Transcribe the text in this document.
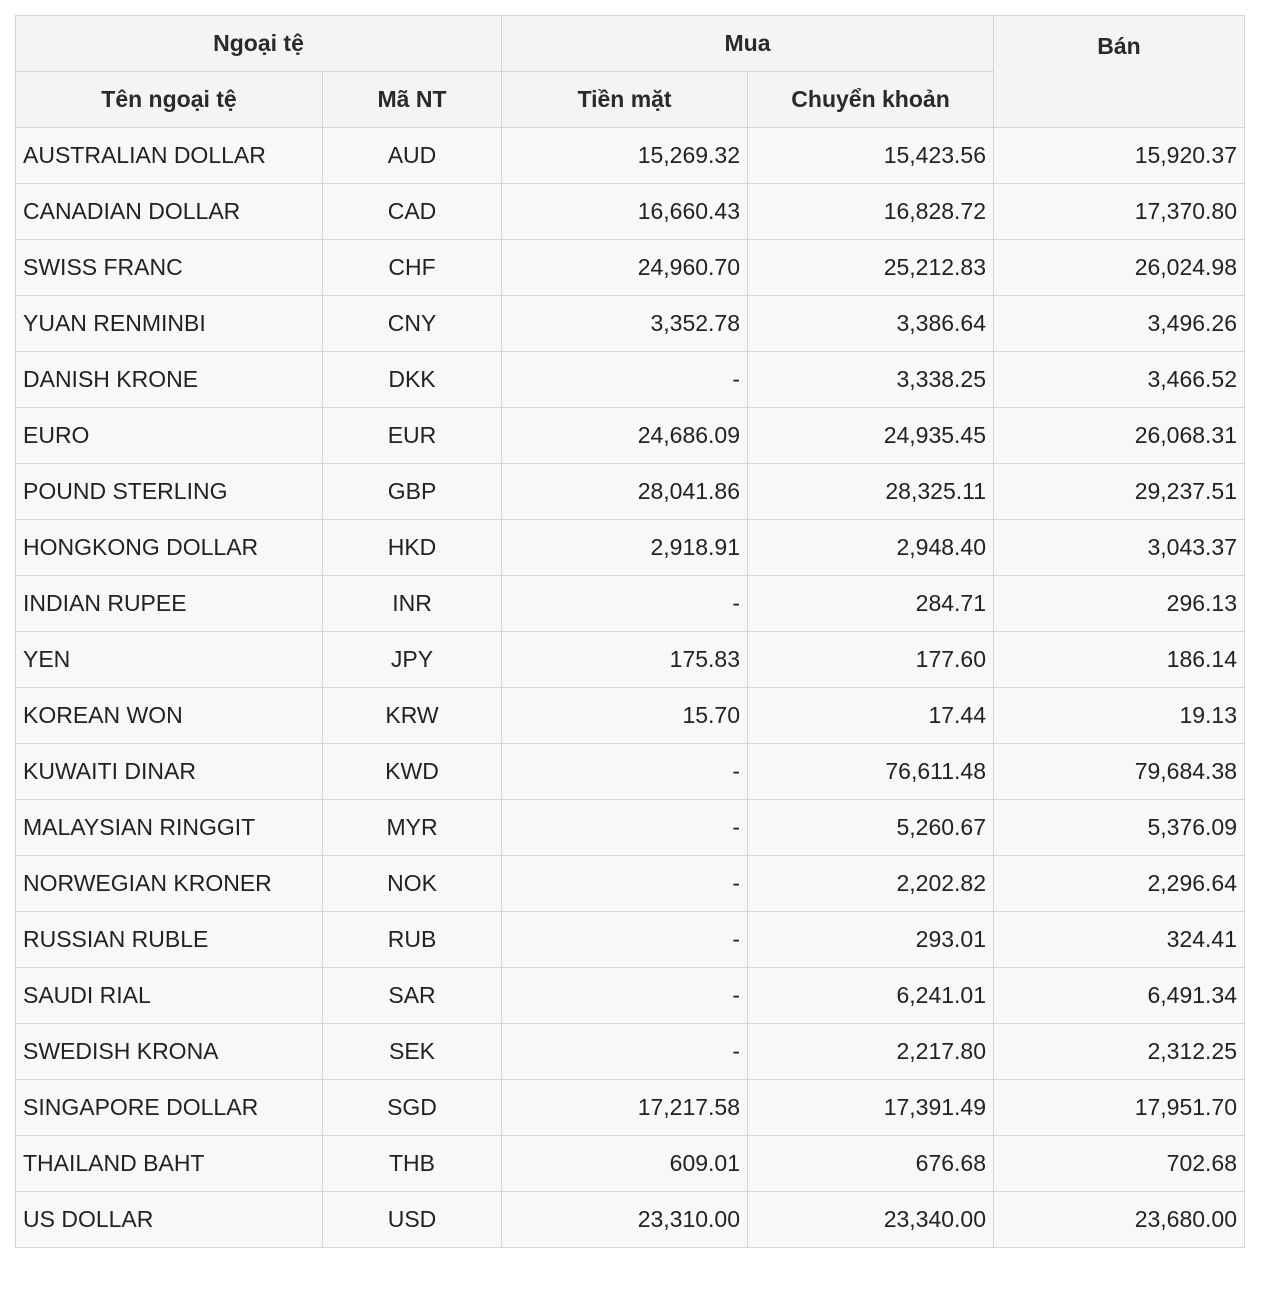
Ngoại tệ		Mua		Bán
Tên ngoại tệ	Mã NT	Tiền mặt	Chuyển khoản	
AUSTRALIAN DOLLAR	AUD	15,269.32	15,423.56	15,920.37
CANADIAN DOLLAR	CAD	16,660.43	16,828.72	17,370.80
SWISS FRANC	CHF	24,960.70	25,212.83	26,024.98
YUAN RENMINBI	CNY	3,352.78	3,386.64	3,496.26
DANISH KRONE	DKK	-	3,338.25	3,466.52
EURO	EUR	24,686.09	24,935.45	26,068.31
POUND STERLING	GBP	28,041.86	28,325.11	29,237.51
HONGKONG DOLLAR	HKD	2,918.91	2,948.40	3,043.37
INDIAN RUPEE	INR	-	284.71	296.13
YEN	JPY	175.83	177.60	186.14
KOREAN WON	KRW	15.70	17.44	19.13
KUWAITI DINAR	KWD	-	76,611.48	79,684.38
MALAYSIAN RINGGIT	MYR	-	5,260.67	5,376.09
NORWEGIAN KRONER	NOK	-	2,202.82	2,296.64
RUSSIAN RUBLE	RUB	-	293.01	324.41
SAUDI RIAL	SAR	-	6,241.01	6,491.34
SWEDISH KRONA	SEK	-	2,217.80	2,312.25
SINGAPORE DOLLAR	SGD	17,217.58	17,391.49	17,951.70
THAILAND BAHT	THB	609.01	676.68	702.68
US DOLLAR	USD	23,310.00	23,340.00	23,680.00
